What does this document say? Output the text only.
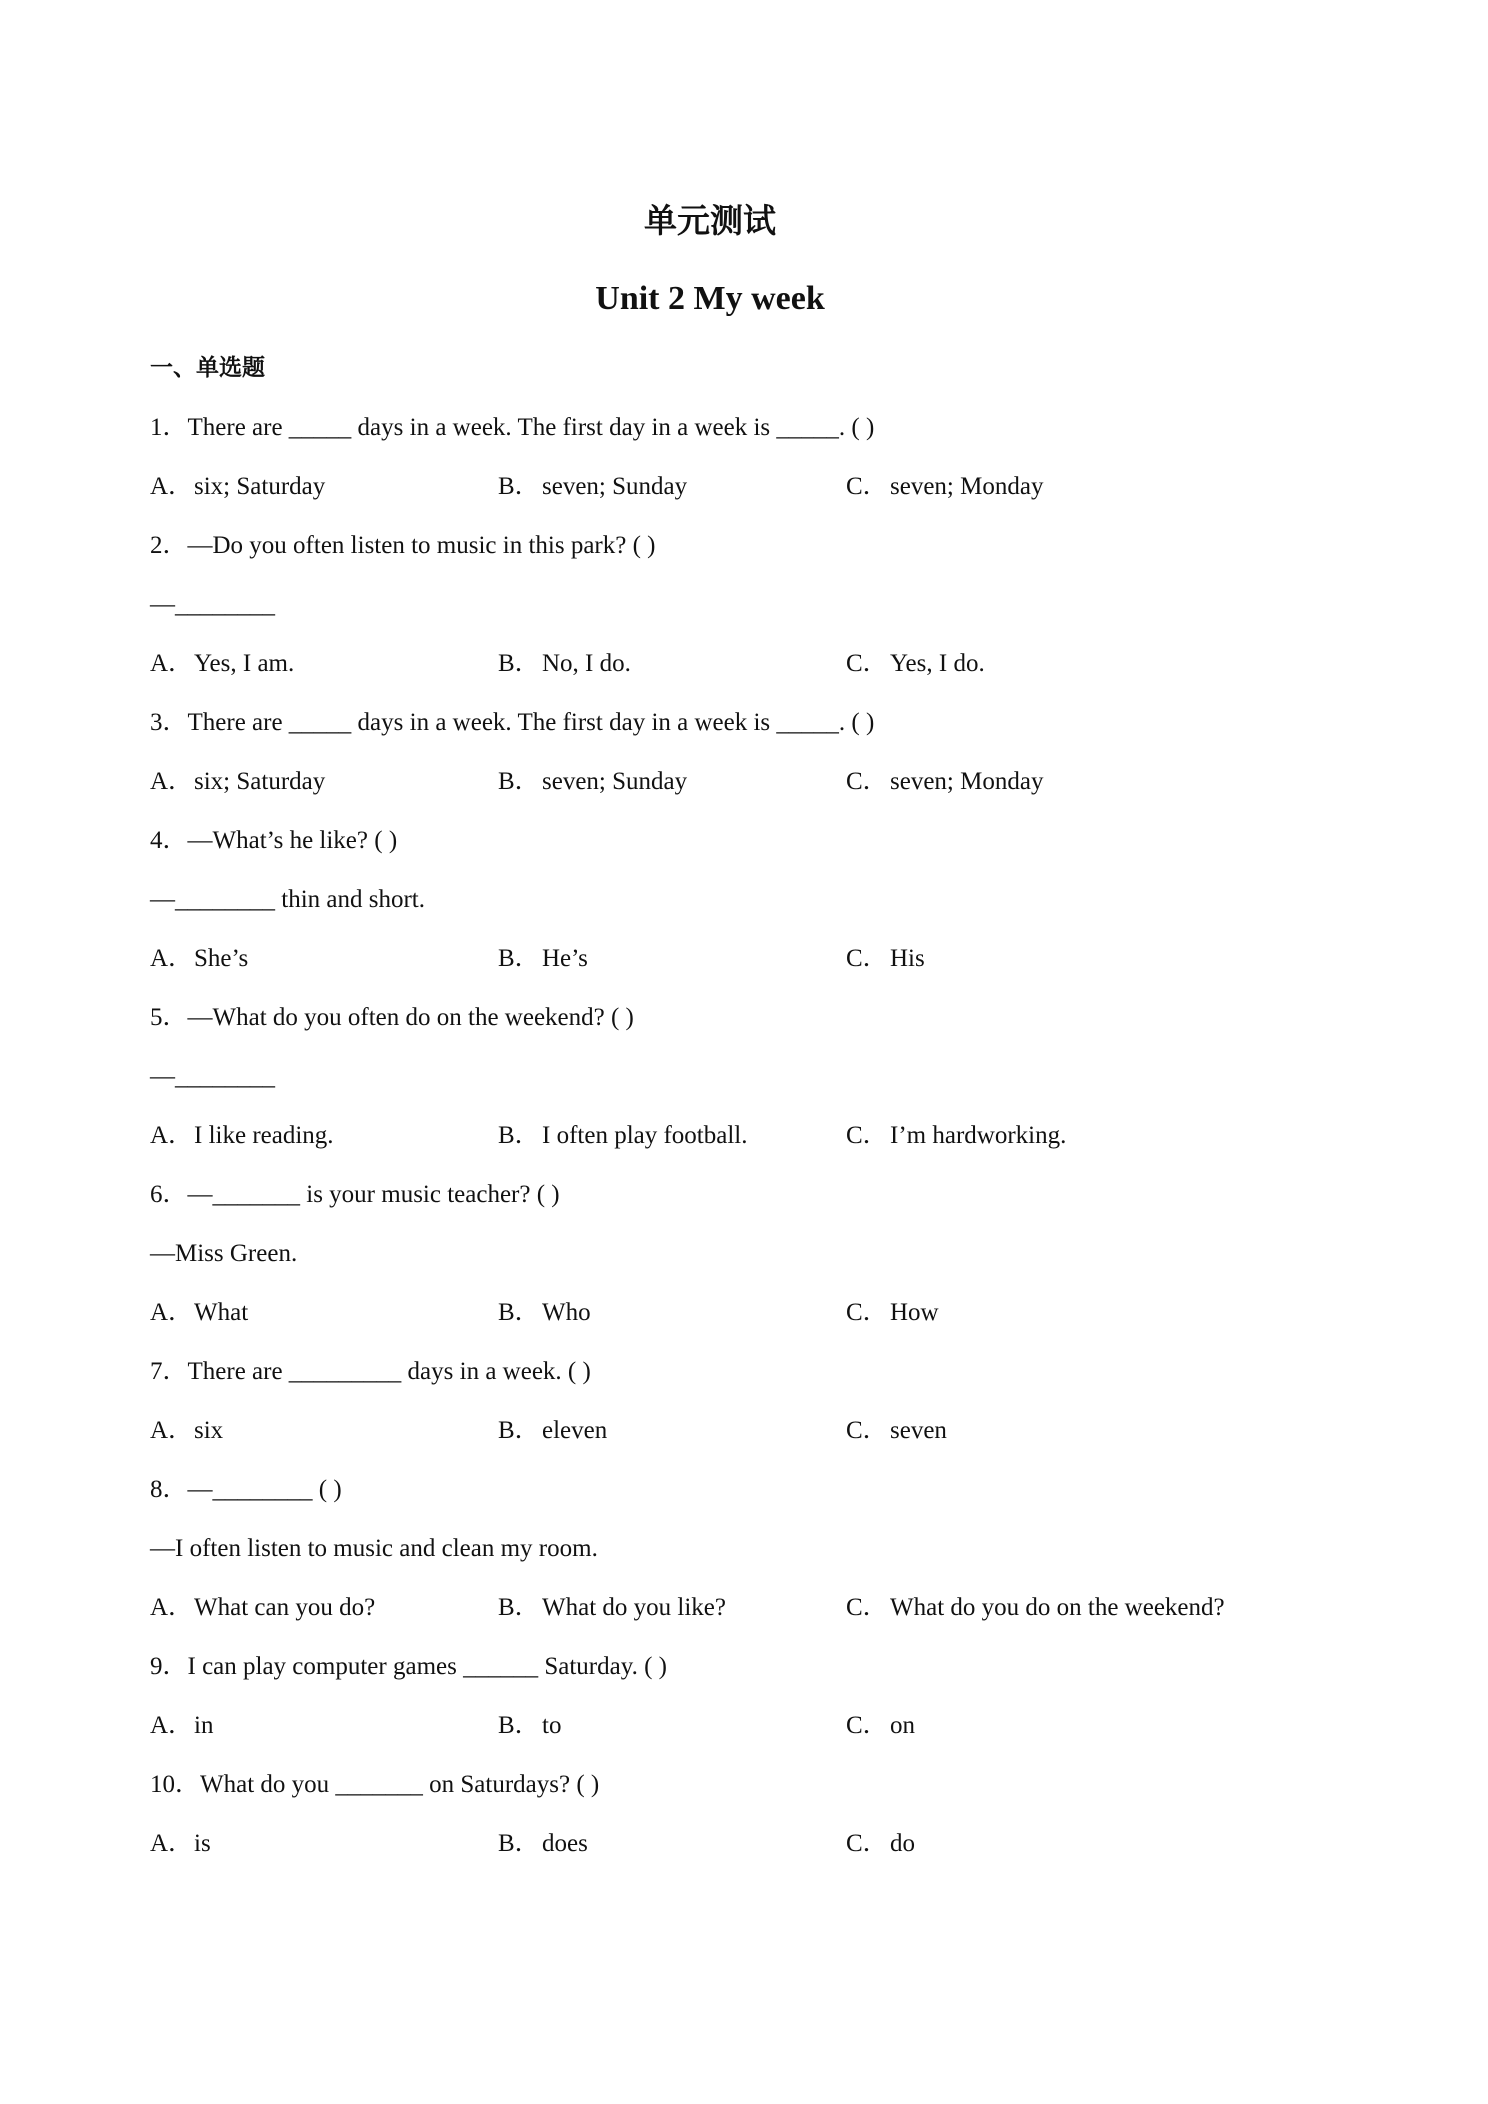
单元测试
Unit 2 My week
一、单选题
1．There are _____ days in a week. The first day in a week is _____. ( )
A．six; Saturday	B．seven; Sunday	C．seven; Monday
2．—Do you often listen to music in this park? ( )
—________
A．Yes, I am.	B．No, I do.	C．Yes, I do.
3．There are _____ days in a week. The first day in a week is _____. ( )
A．six; Saturday	B．seven; Sunday	C．seven; Monday
4．—What’s he like? ( )
—________ thin and short.
A．She’s	B．He’s	C．His
5．—What do you often do on the weekend? ( )
—________
A．I like reading.	B．I often play football.	C．I’m hardworking.
6．—_______ is your music teacher? ( )
—Miss Green.
A．What	B．Who	C．How
7．There are _________ days in a week. ( )
A．six	B．eleven	C．seven
8．—________ ( )
—I often listen to music and clean my room.
A．What can you do?	B．What do you like?	C．What do you do on the weekend?
9．I can play computer games ______ Saturday. ( )
A．in	B．to	C．on
10．What do you _______ on Saturdays? ( )
A．is	B．does	C．do
